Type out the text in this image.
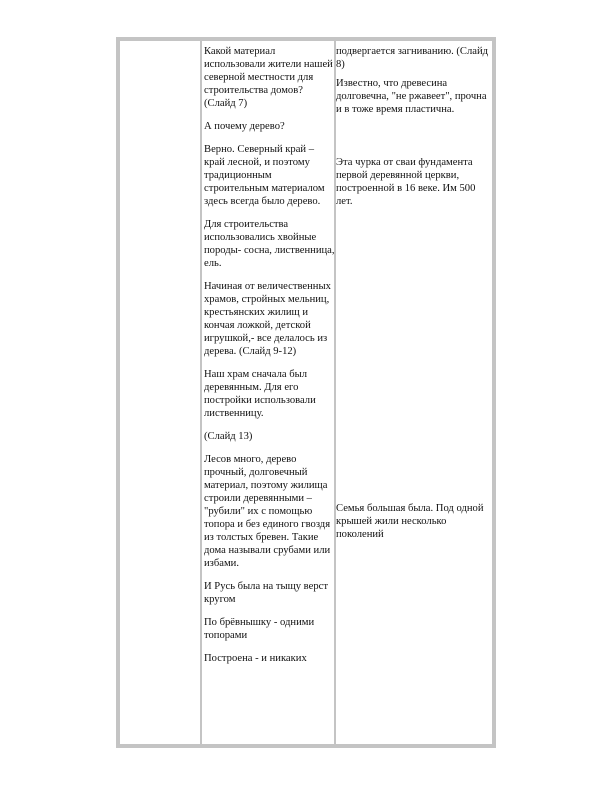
Какой материал использовали жители нашей северной местности для строительства домов? (Слайд 7)

А почему дерево?

Верно. Северный край – край лесной, и поэтому традиционным строительным материалом здесь всегда было дерево.

Для строительства использовались хвойные породы- сосна, лиственница, ель.

Начиная от величественных храмов, стройных мельниц, крестьянских жилищ и кончая ложкой, детской игрушкой,- все делалось из дерева. (Слайд 9-12)

Наш храм сначала был деревянным. Для его постройки использовали лиственницу.

(Слайд 13)

Лесов много, дерево прочный, долговечный материал, поэтому жилища строили деревянными – "рубили" их с помощью топора и без единого гвоздя из толстых бревен. Такие дома называли срубами или избами.

И Русь была на тыщу верст кругом

По брёвнышку - одними топорами

Построена - и никаких

подвергается загниванию. (Слайд 8)

Известно, что древесина долговечна, "не ржавеет", прочна и в тоже время пластична.

Эта чурка от сваи фундамента первой деревянной церкви, построенной в 16 веке. Им 500 лет.

Семья большая была. Под одной крышей жили несколько поколений
